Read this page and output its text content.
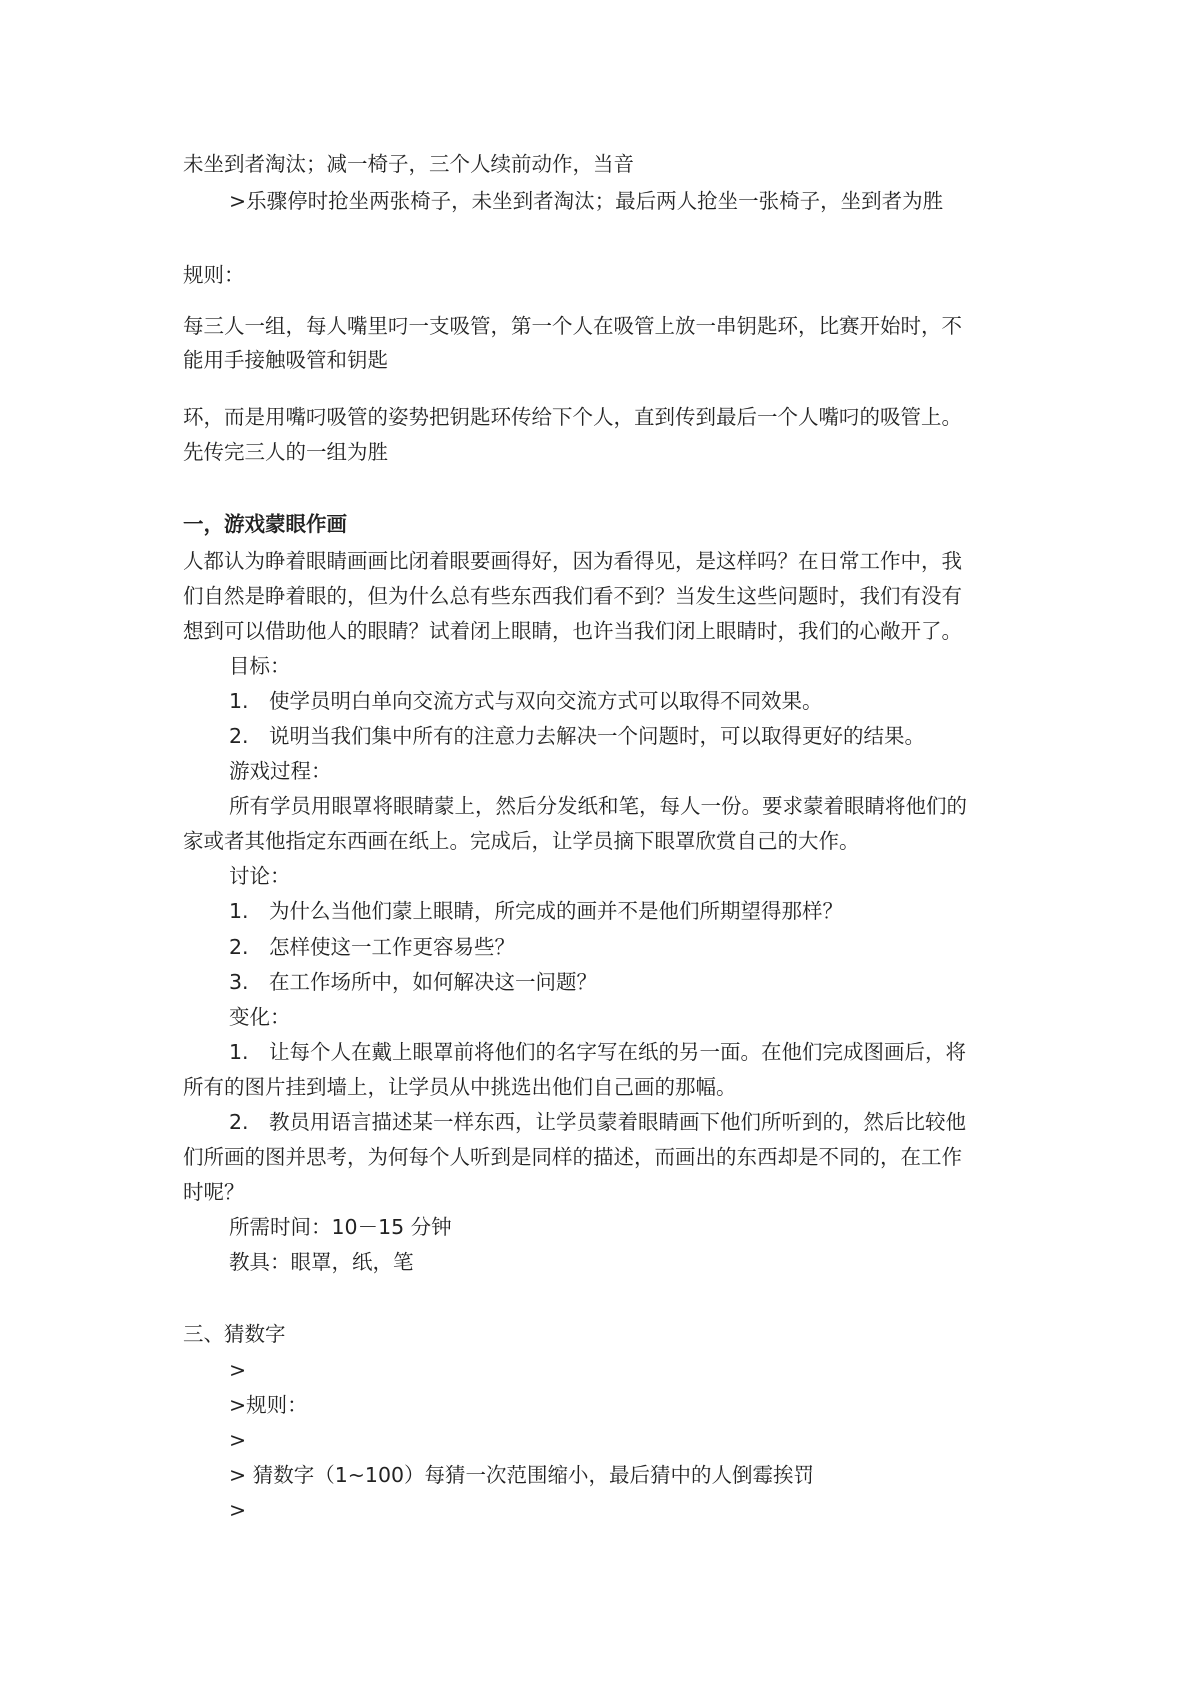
未坐到者淘汰；减一椅子，三个人续前动作，当音
>乐骤停时抢坐两张椅子，未坐到者淘汰；最后两人抢坐一张椅子，坐到者为胜
规则：
每三人一组，每人嘴里叼一支吸管，第一个人在吸管上放一串钥匙环，比赛开始时，不
能用手接触吸管和钥匙
环，而是用嘴叼吸管的姿势把钥匙环传给下个人，直到传到最后一个人嘴叼的吸管上。
先传完三人的一组为胜
一，游戏蒙眼作画
人都认为睁着眼睛画画比闭着眼要画得好，因为看得见，是这样吗？在日常工作中，我
们自然是睁着眼的，但为什么总有些东西我们看不到？当发生这些问题时，我们有没有
想到可以借助他人的眼睛？试着闭上眼睛，也许当我们闭上眼睛时，我们的心敞开了。
目标：
1.　使学员明白单向交流方式与双向交流方式可以取得不同效果。
2.　说明当我们集中所有的注意力去解决一个问题时，可以取得更好的结果。
游戏过程：
所有学员用眼罩将眼睛蒙上，然后分发纸和笔，每人一份。要求蒙着眼睛将他们的
家或者其他指定东西画在纸上。完成后，让学员摘下眼罩欣赏自己的大作。
讨论：
1.　为什么当他们蒙上眼睛，所完成的画并不是他们所期望得那样？
2.　怎样使这一工作更容易些？
3.　在工作场所中，如何解决这一问题？
变化：
1.　让每个人在戴上眼罩前将他们的名字写在纸的另一面。在他们完成图画后，将
所有的图片挂到墙上，让学员从中挑选出他们自己画的那幅。
2.　教员用语言描述某一样东西，让学员蒙着眼睛画下他们所听到的，然后比较他
们所画的图并思考，为何每个人听到是同样的描述，而画出的东西却是不同的，在工作
时呢？
所需时间：10－15 分钟
教具：眼罩，纸，笔
三、猜数字
>
>规则：
>
> 猜数字（1~100）每猜一次范围缩小，最后猜中的人倒霉挨罚
>
